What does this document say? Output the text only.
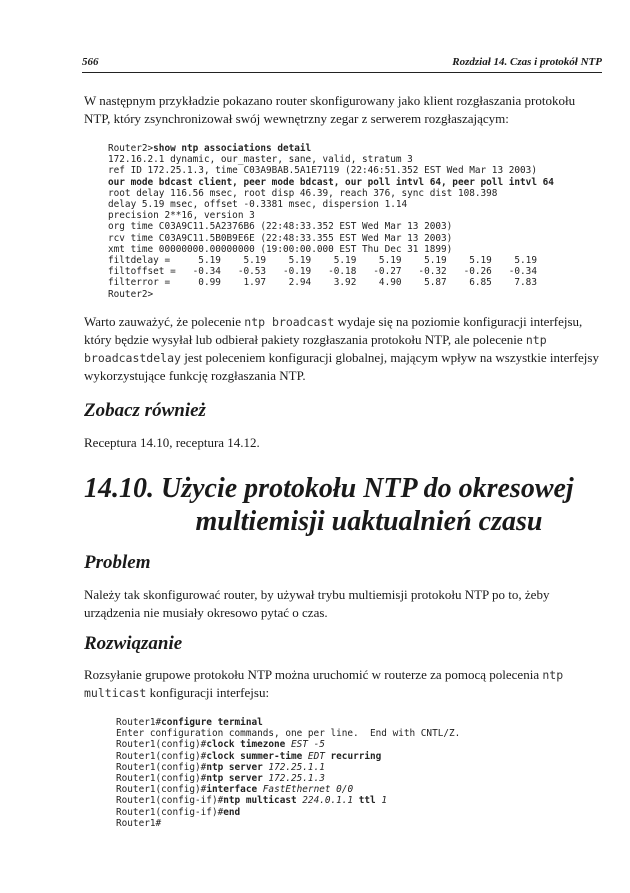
566	Rozdział 14. Czas i protokół NTP

W następnym przykładzie pokazano router skonfigurowany jako klient rozgłaszania protokołu NTP, który zsynchronizował swój wewnętrzny zegar z serwerem rozgłaszającym:

Router2>show ntp associations detail
172.16.2.1 dynamic, our_master, sane, valid, stratum 3
ref ID 172.25.1.3, time C03A9BAB.5A1E7119 (22:46:51.352 EST Wed Mar 13 2003)
our mode bdcast client, peer mode bdcast, our poll intvl 64, peer poll intvl 64
root delay 116.56 msec, root disp 46.39, reach 376, sync dist 108.398
delay 5.19 msec, offset -0.3381 msec, dispersion 1.14
precision 2**16, version 3
org time C03A9C11.5A2376B6 (22:48:33.352 EST Wed Mar 13 2003)
rcv time C03A9C11.5B0B9E6E (22:48:33.355 EST Wed Mar 13 2003)
xmt time 00000000.00000000 (19:00:00.000 EST Thu Dec 31 1899)
filtdelay =     5.19    5.19    5.19    5.19    5.19    5.19    5.19    5.19
filtoffset =   -0.34   -0.53   -0.19   -0.18   -0.27   -0.32   -0.26   -0.34
filterror =     0.99    1.97    2.94    3.92    4.90    5.87    6.85    7.83
Router2>

Warto zauważyć, że polecenie ntp broadcast wydaje się na poziomie konfiguracji interfejsu, który będzie wysyłał lub odbierał pakiety rozgłaszania protokołu NTP, ale polecenie ntp broadcastdelay jest poleceniem konfiguracji globalnej, mającym wpływ na wszystkie interfejsy wykorzystujące funkcję rozgłaszania NTP.

Zobacz również

Receptura 14.10, receptura 14.12.

14.10. Użycie protokołu NTP do okresowej
multiemisji uaktualnień czasu
Problem

Należy tak skonfigurować router, by używał trybu multiemisji protokołu NTP po to, żeby urządzenia nie musiały okresowo pytać o czas.

Rozwiązanie

Rozsyłanie grupowe protokołu NTP można uruchomić w routerze za pomocą polecenia ntp multicast konfiguracji interfejsu:

Router1#configure terminal
Enter configuration commands, one per line.  End with CNTL/Z.
Router1(config)#clock timezone EST -5
Router1(config)#clock summer-time EDT recurring
Router1(config)#ntp server 172.25.1.1
Router1(config)#ntp server 172.25.1.3
Router1(config)#interface FastEthernet 0/0
Router1(config-if)#ntp multicast 224.0.1.1 ttl 1
Router1(config-if)#end
Router1#
